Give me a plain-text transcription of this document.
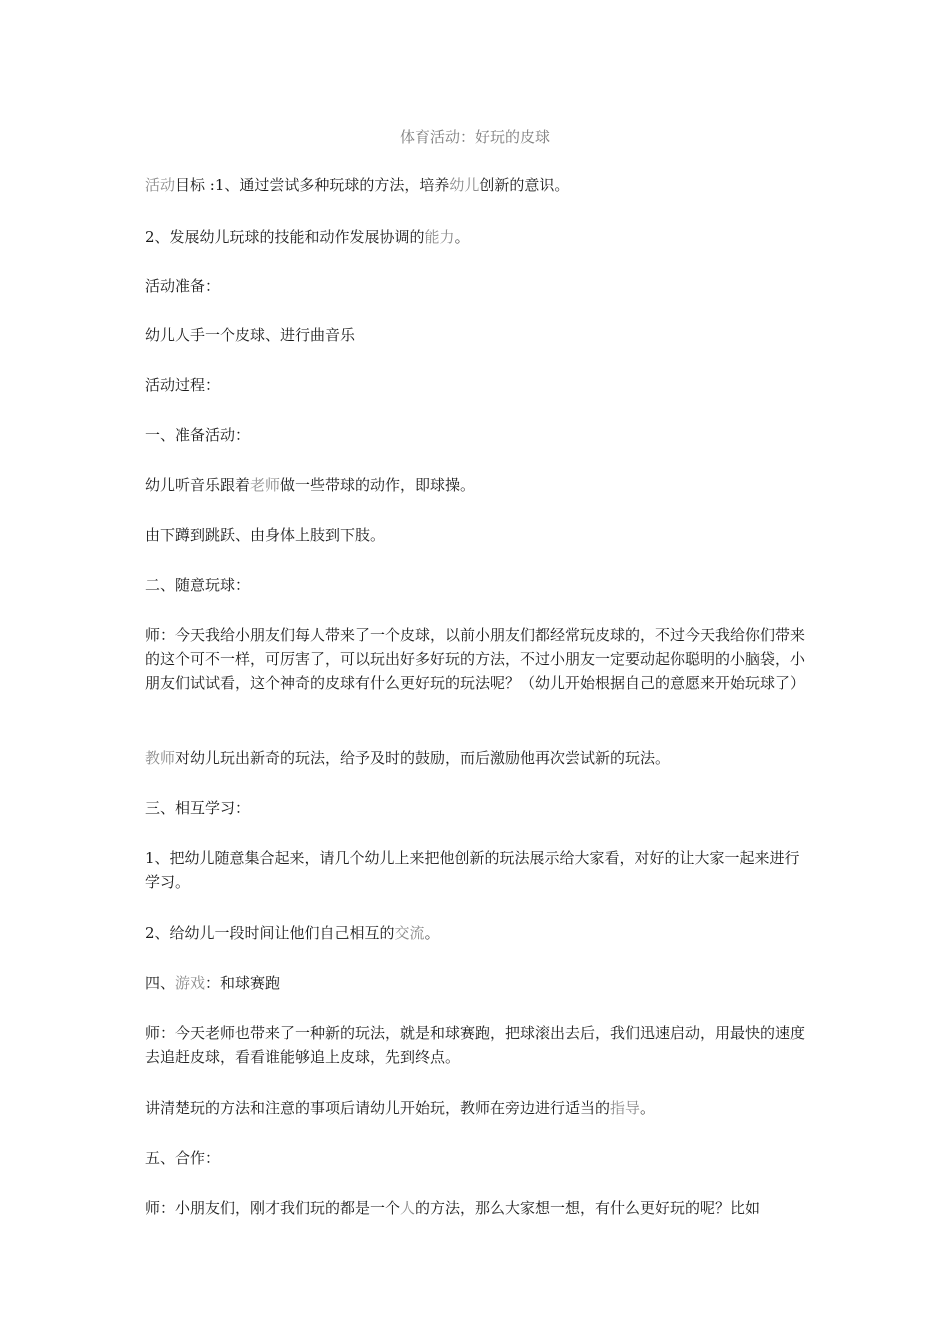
体育活动：好玩的皮球

活动目标 :1、通过尝试多种玩球的方法，培养幼儿创新的意识。

2、发展幼儿玩球的技能和动作发展协调的能力。

活动准备：

幼儿人手一个皮球、进行曲音乐

活动过程：

一、准备活动：

幼儿听音乐跟着老师做一些带球的动作，即球操。

由下蹲到跳跃、由身体上肢到下肢。

二、随意玩球：

师：今天我给小朋友们每人带来了一个皮球，以前小朋友们都经常玩皮球的，不过今天我给你们带来的这个可不一样，可厉害了，可以玩出好多好玩的方法，不过小朋友一定要动起你聪明的小脑袋，小朋友们试试看，这个神奇的皮球有什么更好玩的玩法呢？（幼儿开始根据自己的意愿来开始玩球了）

教师对幼儿玩出新奇的玩法，给予及时的鼓励，而后激励他再次尝试新的玩法。

三、相互学习：

1、把幼儿随意集合起来，请几个幼儿上来把他创新的玩法展示给大家看，对好的让大家一起来进行学习。

2、给幼儿一段时间让他们自己相互的交流。

四、游戏：和球赛跑

师：今天老师也带来了一种新的玩法，就是和球赛跑，把球滚出去后，我们迅速启动，用最快的速度去追赶皮球，看看谁能够追上皮球，先到终点。

讲清楚玩的方法和注意的事项后请幼儿开始玩，教师在旁边进行适当的指导。

五、合作：

师：小朋友们，刚才我们玩的都是一个人的方法，那么大家想一想，有什么更好玩的呢？比如
